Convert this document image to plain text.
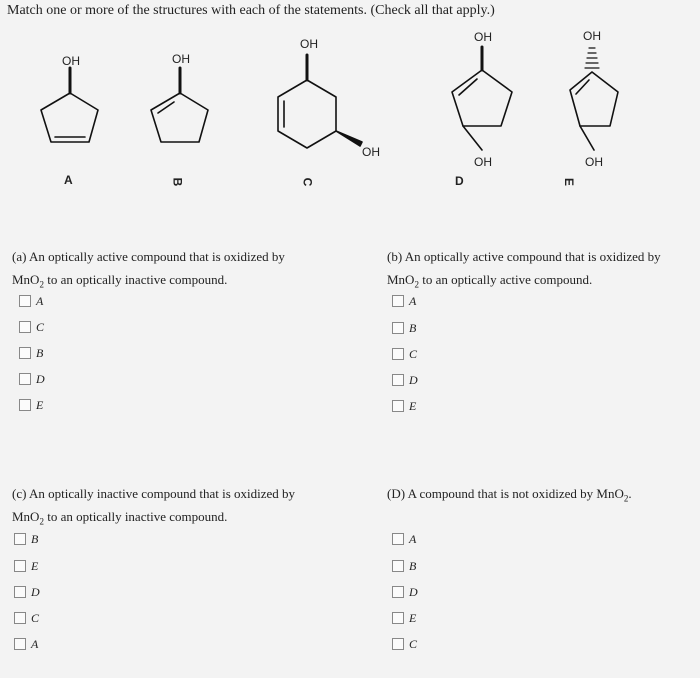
Match one or more of the structures with each of the statements. (Check all that apply.)
OH	OH
OH
OH
OH
OH
OH
OH
A	B	C	D	E
(a) An optically active compound that is oxidized by
MnO$_2$ to an optically inactive compound.
A
C
B
D
E
(b) An optically active compound that is oxidized by
MnO$_2$ to an optically active compound.
A
B
C
D
E
(c) An optically inactive compound that is oxidized by
MnO$_2$ to an optically inactive compound.
B
E
D
C
A
(D) A compound that is not oxidized by MnO$_2$.
A
B
D
E
C
